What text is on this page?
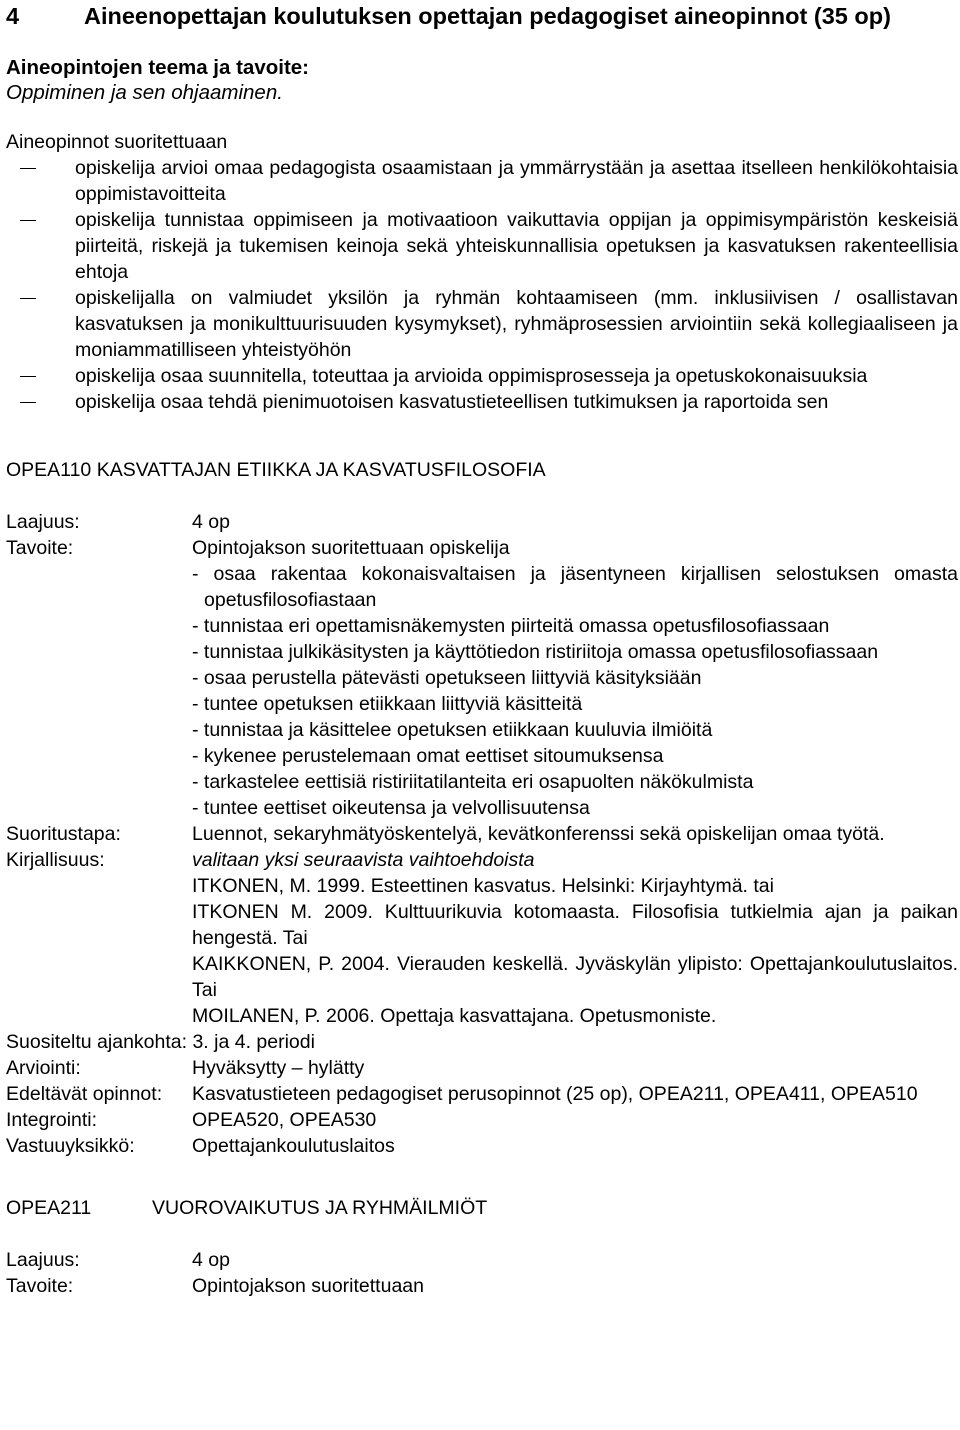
4	Aineenopettajan koulutuksen opettajan pedagogiset aineopinnot (35 op)
Aineopintojen teema ja tavoite:
Oppiminen ja sen ohjaaminen.
Aineopinnot suoritettuaan
opiskelija arvioi omaa pedagogista osaamistaan ja ymmärrystään ja asettaa itselleen henkilökohtaisia oppimistavoitteita
opiskelija tunnistaa oppimiseen ja motivaatioon vaikuttavia oppijan ja oppimisympäristön keskeisiä piirteitä, riskejä ja tukemisen keinoja sekä yhteiskunnallisia opetuksen ja kasvatuksen rakenteellisia ehtoja
opiskelijalla on valmiudet yksilön ja ryhmän kohtaamiseen (mm. inklusiivisen / osallistavan kasvatuksen ja monikulttuurisuuden kysymykset), ryhmäprosessien arviointiin sekä kollegiaaliseen ja moniammatilliseen yhteistyöhön
opiskelija osaa suunnitella, toteuttaa ja arvioida oppimisprosesseja ja opetuskokonaisuuksia
opiskelija osaa tehdä pienimuotoisen kasvatustieteellisen tutkimuksen ja raportoida sen
OPEA110 KASVATTAJAN ETIIKKA JA KASVATUSFILOSOFIA
Laajuus:	4 op
Tavoite:	Opintojakson suoritettuaan opiskelija
- osaa rakentaa kokonaisvaltaisen ja jäsentyneen kirjallisen selostuksen omasta opetusfilosofiastaan
- tunnistaa eri opettamisnäkemysten piirteitä omassa opetusfilosofiassaan
- tunnistaa julkikäsitysten ja käyttötiedon ristiriitoja omassa opetusfilosofiassaan
- osaa perustella pätevästi opetukseen liittyviä käsityksiään
- tuntee opetuksen etiikkaan liittyviä käsitteitä
- tunnistaa ja käsittelee opetuksen etiikkaan kuuluvia ilmiöitä
- kykenee perustelemaan omat eettiset sitoumuksensa
- tarkastelee eettisiä ristiriitatilanteita eri osapuolten näkökulmista
- tuntee eettiset oikeutensa ja velvollisuutensa
Suoritustapa:	Luennot, sekaryhmätyöskentelyä, kevätkonferenssi sekä opiskelijan omaa työtä.
Kirjallisuus:	valitaan yksi seuraavista vaihtoehdoista
ITKONEN, M. 1999. Esteettinen kasvatus. Helsinki: Kirjayhtymä. tai
ITKONEN M. 2009. Kulttuurikuvia kotomaasta. Filosofisia tutkielmia ajan ja paikan hengestä. Tai
KAIKKONEN, P. 2004. Vierauden keskellä. Jyväskylän ylipisto: Opettajankoulutuslaitos. Tai
MOILANEN, P. 2006. Opettaja kasvattajana. Opetusmoniste.
Suositeltu ajankohta: 3. ja 4. periodi
Arviointi:	Hyväksytty – hylätty
Edeltävät opinnot:	Kasvatustieteen pedagogiset perusopinnot (25 op), OPEA211, OPEA411, OPEA510
Integrointi:	OPEA520, OPEA530
Vastuuyksikkö:	Opettajankoulutuslaitos
OPEA211	VUOROVAIKUTUS JA RYHMÄILMIÖT
Laajuus:	4 op
Tavoite:	Opintojakson suoritettuaan
